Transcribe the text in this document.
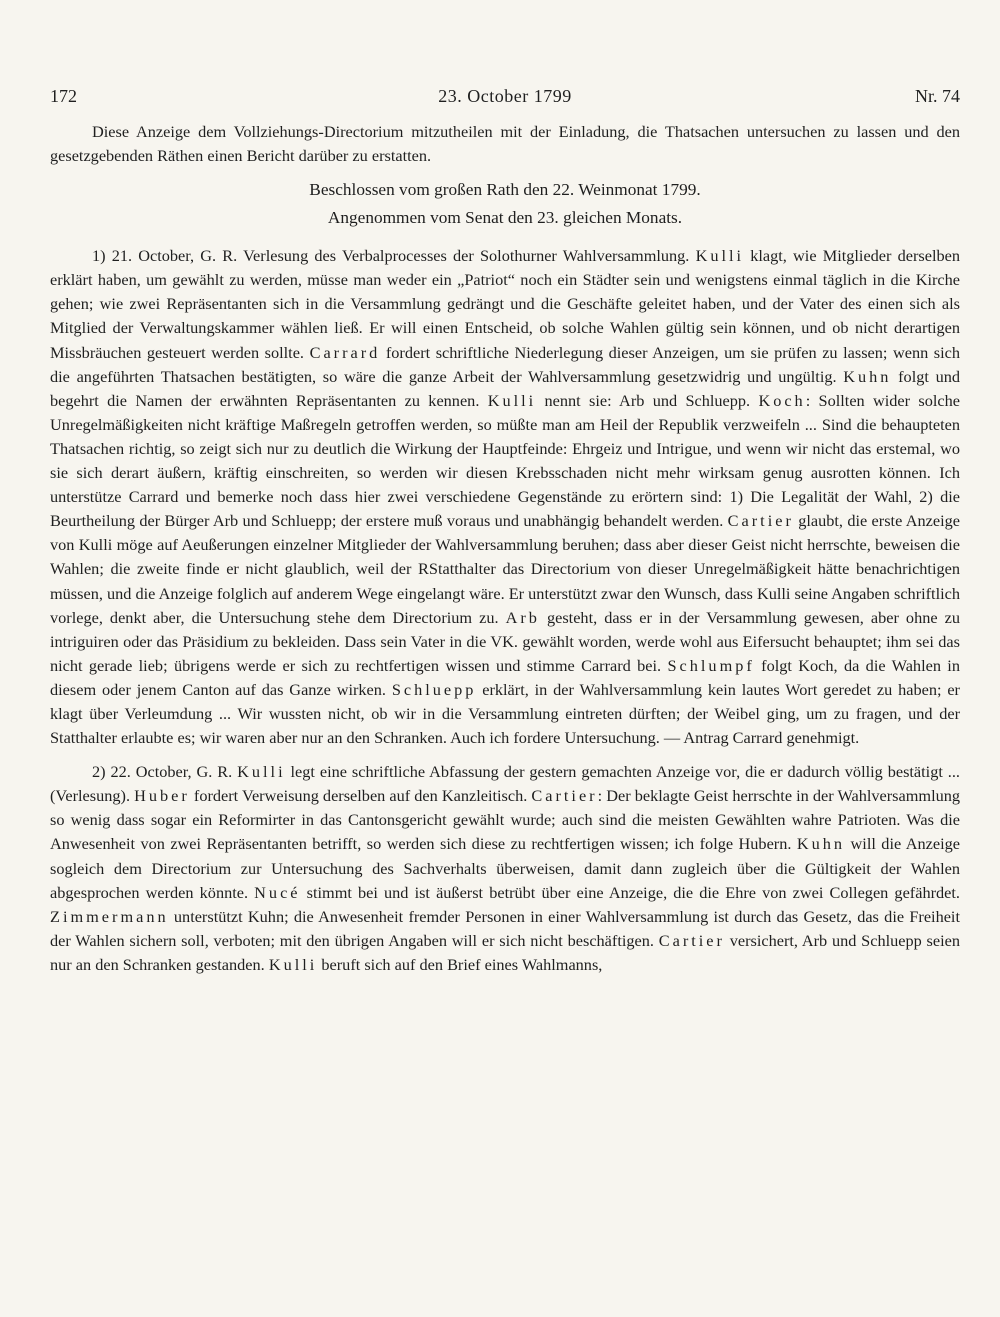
172	23. October 1799	Nr. 74

Diese Anzeige dem Vollziehungs-Directorium mitzutheilen mit der Einladung, die Thatsachen untersuchen zu lassen und den gesetzgebenden Räthen einen Bericht darüber zu erstatten.

Beschlossen vom großen Rath den 22. Weinmonat 1799.

Angenommen vom Senat den 23. gleichen Monats.

1) 21. October, G. R. Verlesung des Verbalprocesses der Solothurner Wahlversammlung. Kulli klagt, wie Mitglieder derselben erklärt haben, um gewählt zu werden, müsse man weder ein „Patriot“ noch ein Städter sein und wenigstens einmal täglich in die Kirche gehen; wie zwei Repräsentanten sich in die Versammlung gedrängt und die Geschäfte geleitet haben, und der Vater des einen sich als Mitglied der Verwaltungskammer wählen ließ. Er will einen Entscheid, ob solche Wahlen gültig sein können, und ob nicht derartigen Missbräuchen gesteuert werden sollte. Carrard fordert schriftliche Niederlegung dieser Anzeigen, um sie prüfen zu lassen; wenn sich die angeführten Thatsachen bestätigten, so wäre die ganze Arbeit der Wahlversammlung gesetzwidrig und ungültig. Kuhn folgt und begehrt die Namen der erwähnten Repräsentanten zu kennen. Kulli nennt sie: Arb und Schluepp. Koch: Sollten wider solche Unregelmäßigkeiten nicht kräftige Maßregeln getroffen werden, so müßte man am Heil der Republik verzweifeln ... Sind die behaupteten Thatsachen richtig, so zeigt sich nur zu deutlich die Wirkung der Hauptfeinde: Ehrgeiz und Intrigue, und wenn wir nicht das erstemal, wo sie sich derart äußern, kräftig einschreiten, so werden wir diesen Krebsschaden nicht mehr wirksam genug ausrotten können. Ich unterstütze Carrard und bemerke noch dass hier zwei verschiedene Gegenstände zu erörtern sind: 1) Die Legalität der Wahl, 2) die Beurtheilung der Bürger Arb und Schluepp; der erstere muß voraus und unabhängig behandelt werden. Cartier glaubt, die erste Anzeige von Kulli möge auf Aeußerungen einzelner Mitglieder der Wahlversammlung beruhen; dass aber dieser Geist nicht herrschte, beweisen die Wahlen; die zweite finde er nicht glaublich, weil der RStatthalter das Directorium von dieser Unregelmäßigkeit hätte benachrichtigen müssen, und die Anzeige folglich auf anderem Wege eingelangt wäre. Er unterstützt zwar den Wunsch, dass Kulli seine Angaben schriftlich vorlege, denkt aber, die Untersuchung stehe dem Directorium zu. Arb gesteht, dass er in der Versammlung gewesen, aber ohne zu intriguiren oder das Präsidium zu bekleiden. Dass sein Vater in die VK. gewählt worden, werde wohl aus Eifersucht behauptet; ihm sei das nicht gerade lieb; übrigens werde er sich zu rechtfertigen wissen und stimme Carrard bei. Schlumpf folgt Koch, da die Wahlen in diesem oder jenem Canton auf das Ganze wirken. Schluepp erklärt, in der Wahlversammlung kein lautes Wort geredet zu haben; er klagt über Verleumdung ... Wir wussten nicht, ob wir in die Versammlung eintreten dürften; der Weibel ging, um zu fragen, und der Statthalter erlaubte es; wir waren aber nur an den Schranken. Auch ich fordere Untersuchung. — Antrag Carrard genehmigt.

2) 22. October, G. R. Kulli legt eine schriftliche Abfassung der gestern gemachten Anzeige vor, die er dadurch völlig bestätigt ... (Verlesung). Huber fordert Verweisung derselben auf den Kanzleitisch. Cartier: Der beklagte Geist herrschte in der Wahlversammlung so wenig dass sogar ein Reformirter in das Cantonsgericht gewählt wurde; auch sind die meisten Gewählten wahre Patrioten. Was die Anwesenheit von zwei Repräsentanten betrifft, so werden sich diese zu rechtfertigen wissen; ich folge Hubern. Kuhn will die Anzeige sogleich dem Directorium zur Untersuchung des Sachverhalts überweisen, damit dann zugleich über die Gültigkeit der Wahlen abgesprochen werden könnte. Nucé stimmt bei und ist äußerst betrübt über eine Anzeige, die die Ehre von zwei Collegen gefährdet. Zimmermann unterstützt Kuhn; die Anwesenheit fremder Personen in einer Wahlversammlung ist durch das Gesetz, das die Freiheit der Wahlen sichern soll, verboten; mit den übrigen Angaben will er sich nicht beschäftigen. Cartier versichert, Arb und Schluepp seien nur an den Schranken gestanden. Kulli beruft sich auf den Brief eines Wahlmanns,
